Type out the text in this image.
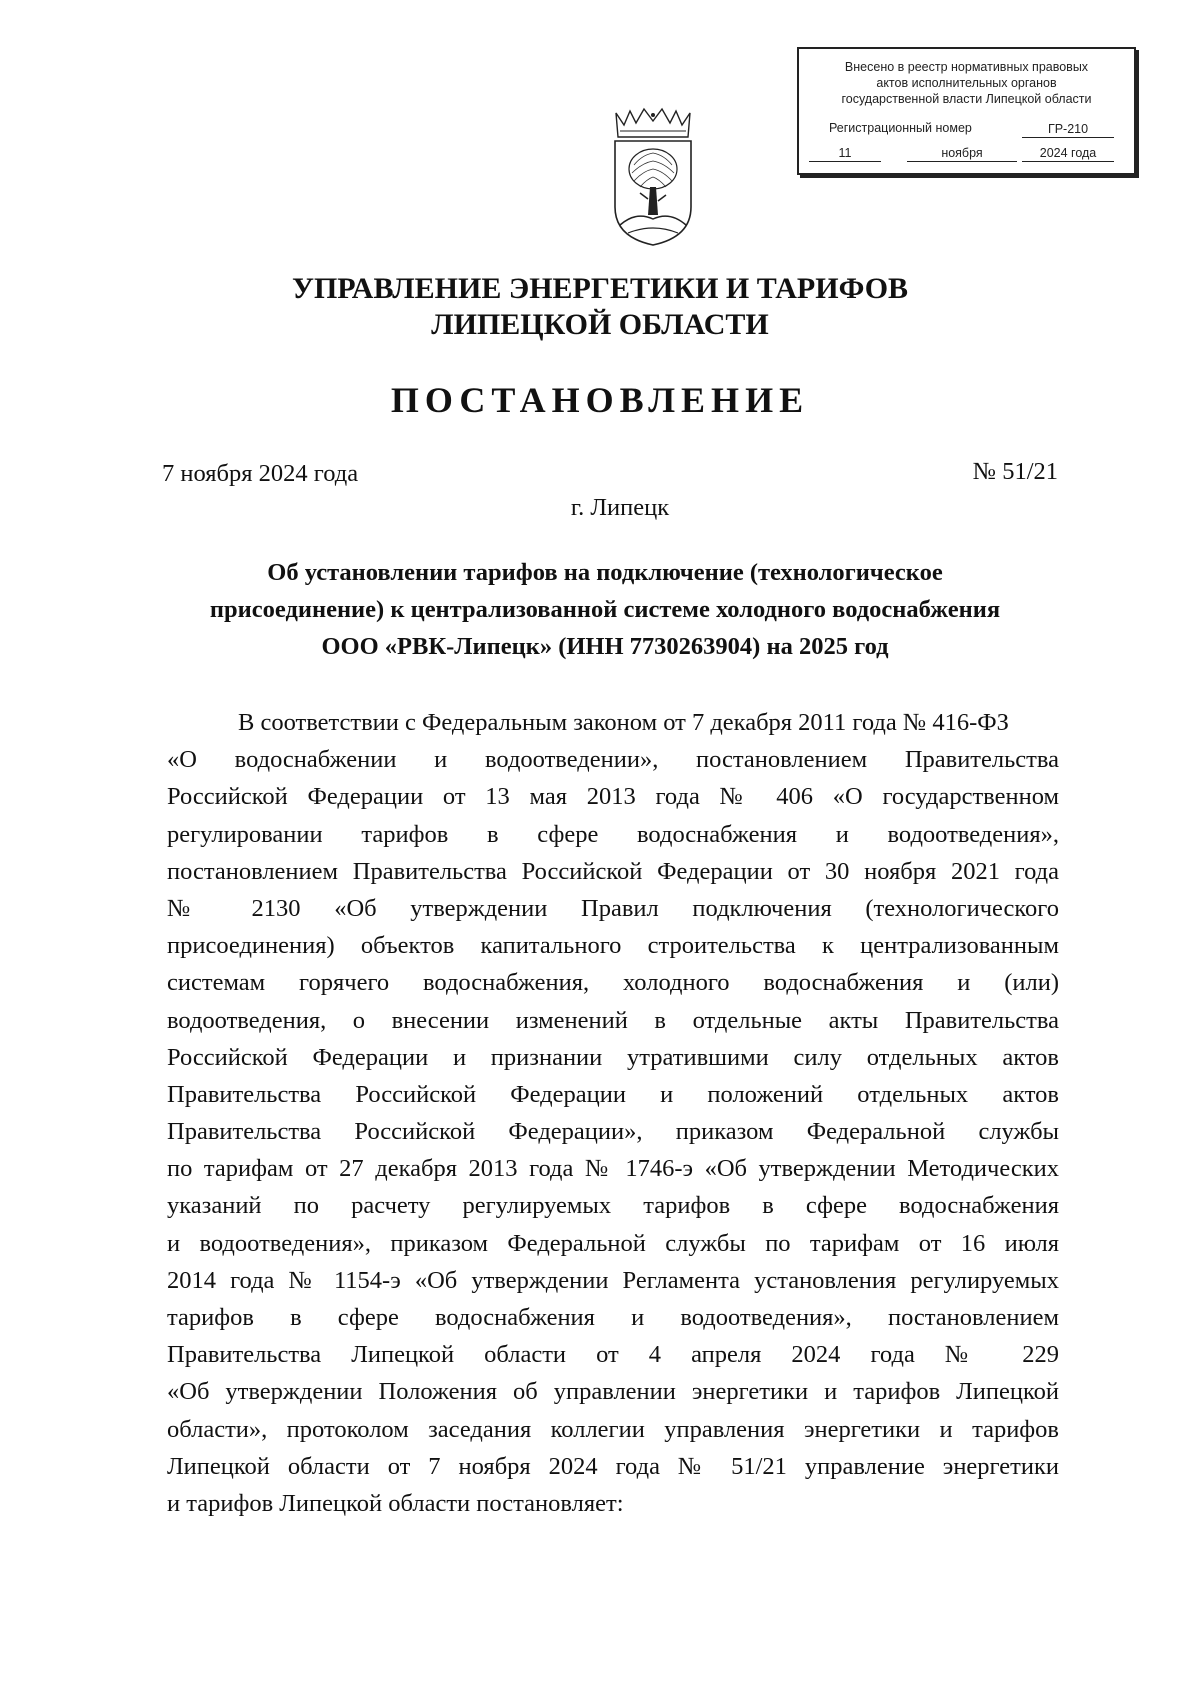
Внесено в реестр нормативных правовых
актов исполнительных органов
государственной власти Липецкой области
Регистрационный номер	ГР-210
11	ноября	2024 года
УПРАВЛЕНИЕ ЭНЕРГЕТИКИ И ТАРИФОВ
ЛИПЕЦКОЙ ОБЛАСТИ
ПОСТАНОВЛЕНИЕ
7 ноября 2024 года	№ 51/21
г. Липецк
Об установлении тарифов на подключение (технологическое
присоединение) к централизованной системе холодного водоснабжения
ООО «РВК-Липецк» (ИНН 7730263904) на 2025 год
В соответствии с Федеральным законом от 7 декабря 2011 года № 416-ФЗ
«О водоснабжении и водоотведении», постановлением Правительства
Российской Федерации от 13 мая 2013 года № 406 «О государственном
регулировании тарифов в сфере водоснабжения и водоотведения»,
постановлением Правительства Российской Федерации от 30 ноября 2021 года
№ 2130 «Об утверждении Правил подключения (технологического
присоединения) объектов капитального строительства к централизованным
системам горячего водоснабжения, холодного водоснабжения и (или)
водоотведения, о внесении изменений в отдельные акты Правительства
Российской Федерации и признании утратившими силу отдельных актов
Правительства Российской Федерации и положений отдельных актов
Правительства Российской Федерации», приказом Федеральной службы
по тарифам от 27 декабря 2013 года № 1746-э «Об утверждении Методических
указаний по расчету регулируемых тарифов в сфере водоснабжения
и водоотведения», приказом Федеральной службы по тарифам от 16 июля
2014 года № 1154-э «Об утверждении Регламента установления регулируемых
тарифов в сфере водоснабжения и водоотведения», постановлением
Правительства Липецкой области от 4 апреля 2024 года № 229
«Об утверждении Положения об управлении энергетики и тарифов Липецкой
области», протоколом заседания коллегии управления энергетики и тарифов
Липецкой области от 7 ноября 2024 года № 51/21 управление энергетики
и тарифов Липецкой области постановляет:
